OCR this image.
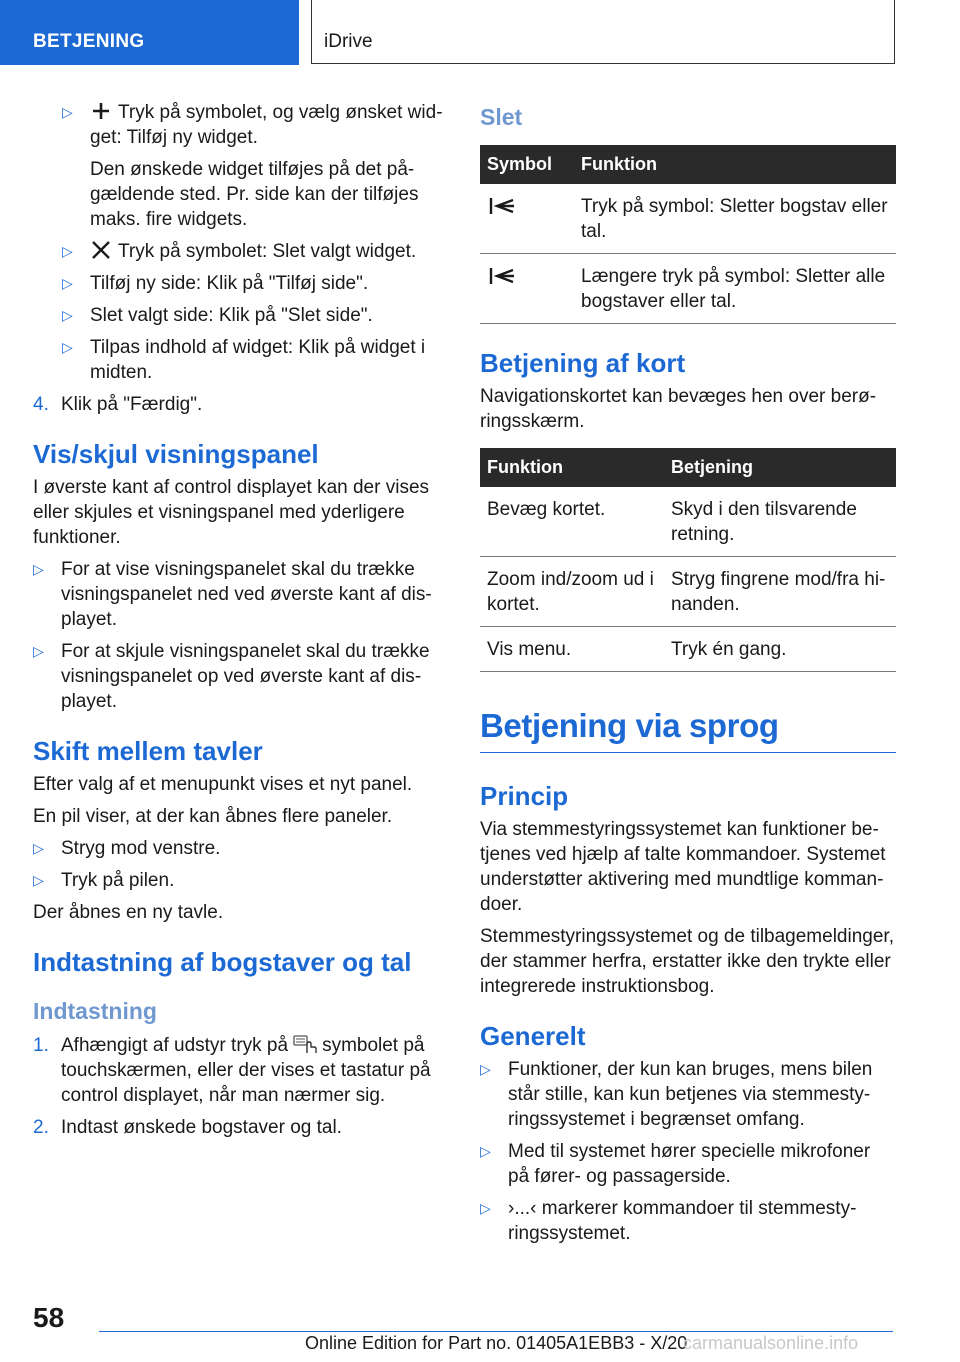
BETJENING	iDrive
▷ Tryk på symbolet, og vælg ønsket widget: Tilføj ny widget.

Den ønskede widget tilføjes på det pågældende sted. Pr. side kan der tilføjes maks. fire widgets.

▷ Tryk på symbolet: Slet valgt widget.
▷ Tilføj ny side: Klik på "Tilføj side".
▷ Slet valgt side: Klik på "Slet side".
▷ Tilpas indhold af widget: Klik på widget i midten.
4. Klik på "Færdig".
Vis/skjul visningspanel

I øverste kant af control displayet kan der vises eller skjules et visningspanel med yderligere funktioner.

▷ For at vise visningspanelet skal du trække visningspanelet ned ved øverste kant af displayet.
▷ For at skjule visningspanelet skal du trække visningspanelet op ved øverste kant af displayet.
Skift mellem tavler

Efter valg af et menupunkt vises et nyt panel.

En pil viser, at der kan åbnes flere paneler.

▷ Stryg mod venstre.
▷ Tryk på pilen.

Der åbnes en ny tavle.

Indtastning af bogstaver og tal
Indtastning
1. Afhængigt af udstyr tryk på symbolet på touchskærmen, eller der vises et tastatur på control displayet, når man nærmer sig.
2. Indtast ønskede bogstaver og tal.
Slet
Symbol	Funktion
	Tryk på symbol: Sletter bogstav eller tal.
	Længere tryk på symbol: Sletter alle bogstaver eller tal.
Betjening af kort

Navigationskortet kan bevæges hen over berøringsskærm.

Funktion	Betjening
Bevæg kortet.	Skyd i den tilsvarende retning.
Zoom ind/zoom ud i kortet.	Stryg fingrene mod/fra hinanden.
Vis menu.	Tryk én gang.
Betjening via sprog
Princip

Via stemmestyringssystemet kan funktioner betjenes ved hjælp af talte kommandoer. Systemet understøtter aktivering med mundtlige kommandoer.

Stemmestyringssystemet og de tilbagemeldinger, der stammer herfra, erstatter ikke den trykte eller integrerede instruktionsbog.

Generelt
▷ Funktioner, der kun kan bruges, mens bilen står stille, kan kun betjenes via stemmestyringssystemet i begrænset omfang.
▷ Med til systemet hører specielle mikrofoner på fører- og passagerside.
▷ ›...‹ markerer kommandoer til stemmestyringssystemet.
58
Online Edition for Part no. 01405A1EBB3 - X/20
carmanualsonline.info
